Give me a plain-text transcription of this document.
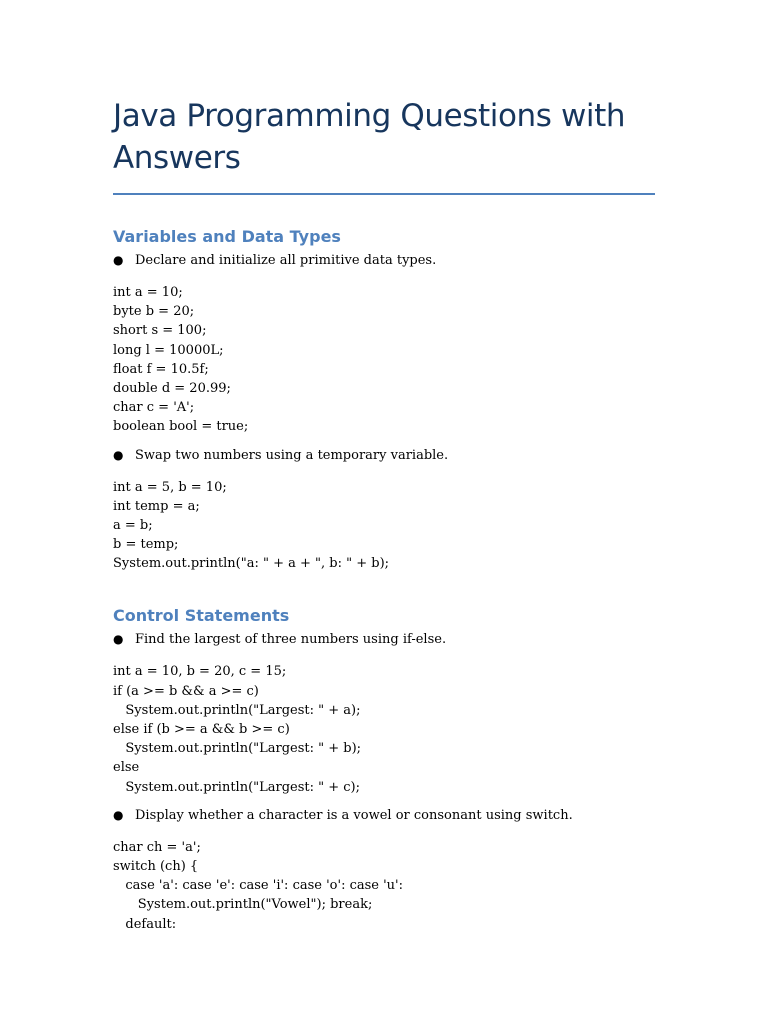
Java Programming Questions with Answers
Variables and Data Types
● Declare and initialize all primitive data types.
int a = 10;
byte b = 20;
short s = 100;
long l = 10000L;
float f = 10.5f;
double d = 20.99;
char c = 'A';
boolean bool = true;
● Swap two numbers using a temporary variable.
int a = 5, b = 10;
int temp = a;
a = b;
b = temp;
System.out.println("a: " + a + ", b: " + b);
Control Statements
● Find the largest of three numbers using if-else.
int a = 10, b = 20, c = 15;
if (a >= b && a >= c)
System.out.println("Largest: " + a);
else if (b >= a && b >= c)
System.out.println("Largest: " + b);
else
System.out.println("Largest: " + c);
● Display whether a character is a vowel or consonant using switch.
char ch = 'a';
switch (ch) {
case 'a': case 'e': case 'i': case 'o': case 'u':
System.out.println("Vowel"); break;
default:
